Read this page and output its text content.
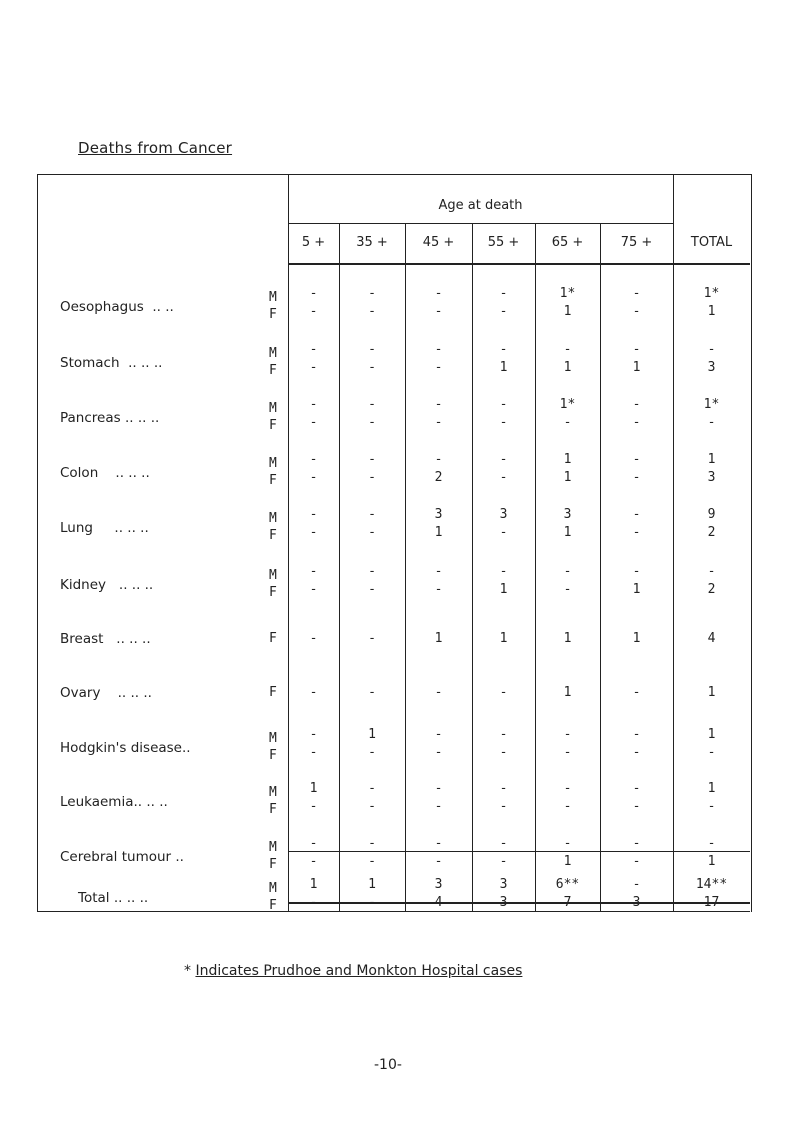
Deaths from Cancer
Age at death
5 +	35 +	45 +	55 +	65 +	75 +	TOTAL
Oesophagus  .. ..
M	-	-	-	-	1*	-	1*
F	-	-	-	-	1	-	1
Stomach  .. .. ..
M	-	-	-	-	-	-	-
F	-	-	-	1	1	1	3
Pancreas .. .. ..
M	-	-	-	-	1*	-	1*
F	-	-	-	-	-	-	-
Colon    .. .. ..
M	-	-	-	-	1	-	1
F	-	-	2	-	1	-	3
Lung     .. .. ..
M	-	-	3	3	3	-	9
F	-	-	1	-	1	-	2
Kidney   .. .. ..
M	-	-	-	-	-	-	-
F	-	-	-	1	-	1	2
Breast   .. .. ..	F	-	-	1	1	1	1	4
Ovary    .. .. ..	F	-	-	-	-	1	-	1
Hodgkin's disease..
M	-	1	-	-	-	-	1
F	-	-	-	-	-	-	-
Leukaemia.. .. ..
M	1	-	-	-	-	-	1
F	-	-	-	-	-	-	-
Cerebral tumour ..
M	-	-	-	-	-	-	-
F	-	-	-	-	1	-	1
Total .. .. ..
M	1	1	3	3	6**	-	14**
F	-	-	4	3	7	3	17
* Indicates Prudhoe and Monkton Hospital cases
-10-
